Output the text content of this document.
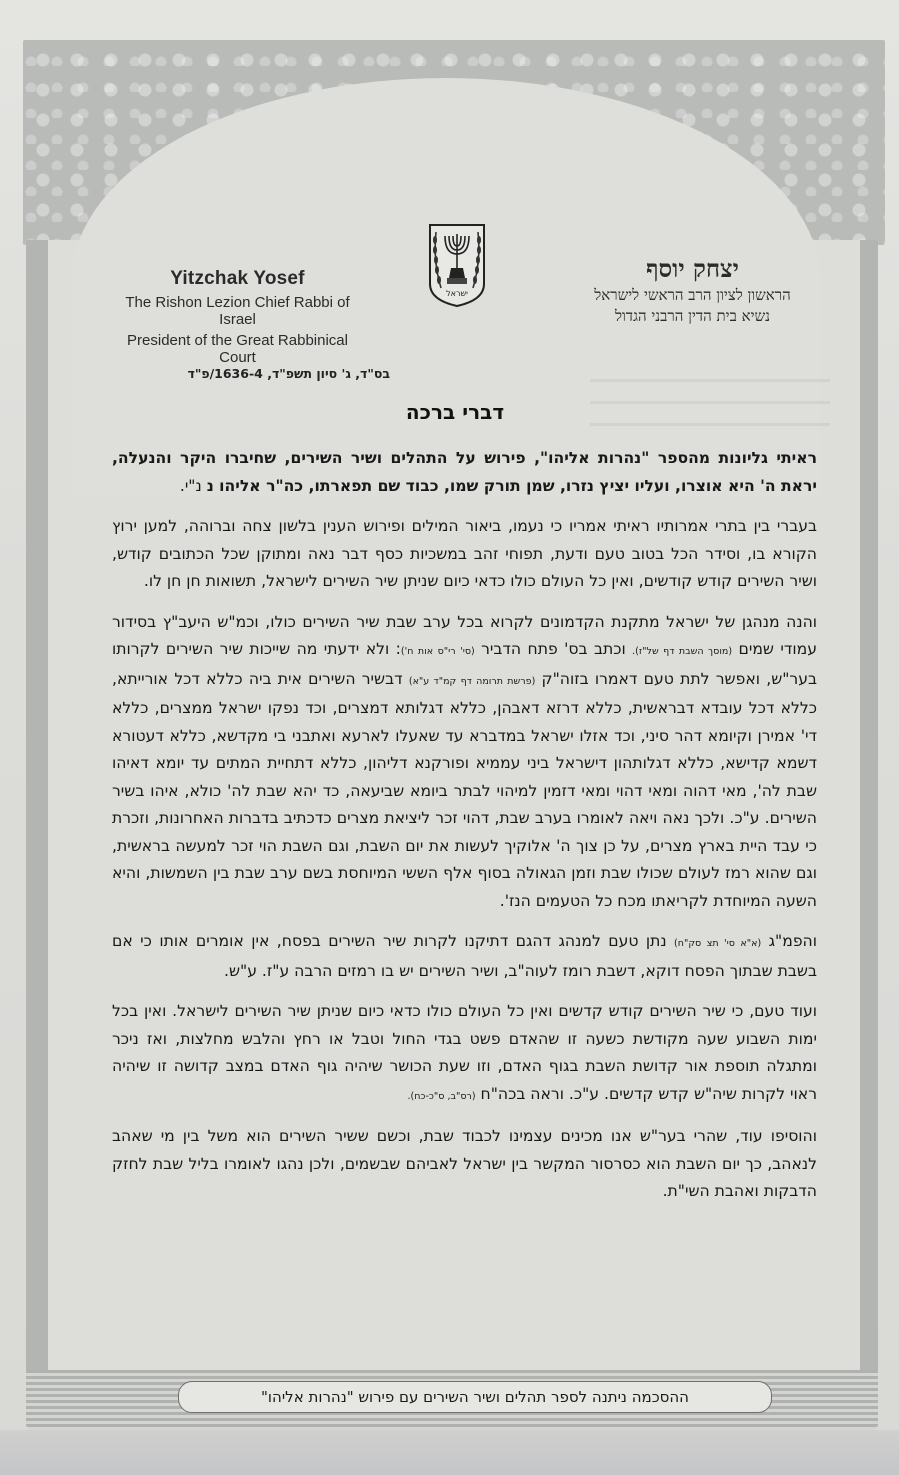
Yitzchak Yosef
The Rishon Lezion Chief Rabbi of Israel
President of the Great Rabbinical Court
ישראל
יצחק יוסף
הראשון לציון הרב הראשי לישראל
נשיא בית הדין הרבני הגדול
בס"ד, ג' סיון תשפ"ד, 1636-4/פ"ד
דברי ברכה

ראיתי גליונות מהספר "נהרות אליהו", פירוש על התהלים ושיר השירים, שחיברו היקר והנעלה, יראת ה' היא אוצרו, ועליו יציץ נזרו, שמן תורק שמו, כבוד שם תפארתו, כה"ר אליהו נ נ"י.

בעברי בין בתרי אמרותיו ראיתי אמריו כי נעמו, ביאור המילים ופירוש הענין בלשון צחה וברוהה, למען ירוץ הקורא בו, וסידר הכל בטוב טעם ודעת, תפוחי זהב במשכיות כסף דבר נאה ומתוקן שכל הכתובים קודש, ושיר השירים קודש קודשים, ואין כל העולם כולו כדאי כיום שניתן שיר השירים לישראל, תשואות חן חן לו.

והנה מנהגן של ישראל מתקנת הקדמונים לקרוא בכל ערב שבת שיר השירים כולו, וכמ"ש היעב"ץ בסידור עמודי שמים (מוסך השבת דף של"ז). וכתב בס' פתח הדביר (סי' רי"ס אות ח'): ולא ידעתי מה שייכות שיר השירים לקרותו בער"ש, ואפשר לתת טעם דאמרו בזוה"ק (פרשת תרומה דף קמ"ד ע"א) דבשיר השירים אית ביה כללא דכל אורייתא, כללא דכל עובדא דבראשית, כללא דרזא דאבהן, כללא דגלותא דמצרים, וכד נפקו ישראל ממצרים, כללא די' אמירן וקיומא דהר סיני, וכד אזלו ישראל במדברא עד שאעלו לארעא ואתבני בי מקדשא, כללא דעטורא דשמא קדישא, כללא דגלותהון דישראל ביני עממיא ופורקנא דליהון, כללא דתחיית המתים עד יומא דאיהו שבת לה', מאי דהוה ומאי דהוי ומאי דזמין למיהוי לבתר ביומא שביעאה, כד יהא שבת לה' כולא, איהו בשיר השירים. ע"כ. ולכך נאה ויאה לאומרו בערב שבת, דהוי זכר ליציאת מצרים כדכתיב בדברות האחרונות, וזכרת כי עבד היית בארץ מצרים, על כן צוך ה' אלוקיך לעשות את יום השבת, וגם השבת הוי זכר למעשה בראשית, וגם שהוא רמז לעולם שכולו שבת וזמן הגאולה בסוף אלף הששי המיוחסת בשם ערב שבת בין השמשות, והיא השעה המיוחדת לקריאתו מכח כל הטעמים הנז'.

והפמ"ג (א"א סי' תצ סק"ח) נתן טעם למנהג דהגם דתיקנו לקרות שיר השירים בפסח, אין אומרים אותו כי אם בשבת שבתוך הפסח דוקא, דשבת רומז לעוה"ב, ושיר השירים יש בו רמזים הרבה ע"ז. ע"ש.

ועוד טעם, כי שיר השירים קודש קדשים ואין כל העולם כולו כדאי כיום שניתן שיר השירים לישראל. ואין בכל ימות השבוע שעה מקודשת כשעה זו שהאדם פשט בגדי החול וטבל או רחץ והלבש מחלצות, ואז ניכר ומתגלה תוספת אור קדושת השבת בגוף האדם, וזו שעת הכושר שיהיה גוף האדם במצב קדושה זו שיהיה ראוי לקרות שיה"ש קדש קדשים. ע"כ. וראה בכה"ח (רס"ב, ס"כ-כח).

והוסיפו עוד, שהרי בער"ש אנו מכינים עצמינו לכבוד שבת, וכשם ששיר השירים הוא משל בין מי שאהב לנאהב, כך יום השבת הוא כסרסור המקשר בין ישראל לאביהם שבשמים, ולכן נהגו לאומרו בליל שבת לחזק הדבקות ואהבת השי"ת.

ההסכמה ניתנה לספר תהלים ושיר השירים עם פירוש "נהרות אליהו"
